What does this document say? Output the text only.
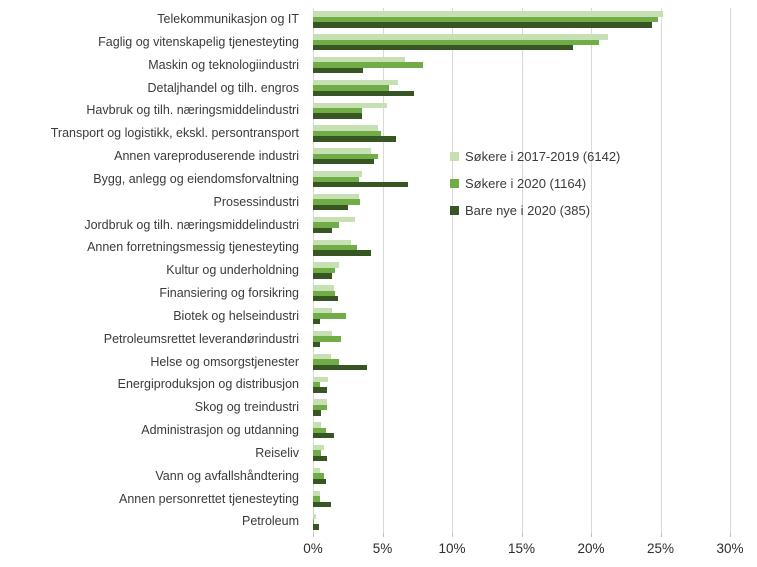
Telekommunikasjon og IT
Faglig og vitenskapelig tjenesteyting
Maskin og teknologiindustri
Detaljhandel og tilh. engros
Havbruk og tilh. næringsmiddelindustri
Transport og logistikk, ekskl. persontransport
Annen vareproduserende industri
Bygg, anlegg og eiendomsforvaltning
Prosessindustri
Jordbruk og tilh. næringsmiddelindustri
Annen forretningsmessig tjenesteyting
Kultur og underholdning
Finansiering og forsikring
Biotek og helseindustri
Petroleumsrettet leverandørindustri
Helse og omsorgstjenester
Energiproduksjon og distribusjon
Skog og treindustri
Administrasjon og utdanning
Reiseliv
Vann og avfallshåndtering
Annen personrettet tjenesteyting
Petroleum
0%	5%	10%	15%	20%	25%	30%
Søkere i 2017-2019 (6142)
Søkere i 2020 (1164)
Bare nye i 2020 (385)
